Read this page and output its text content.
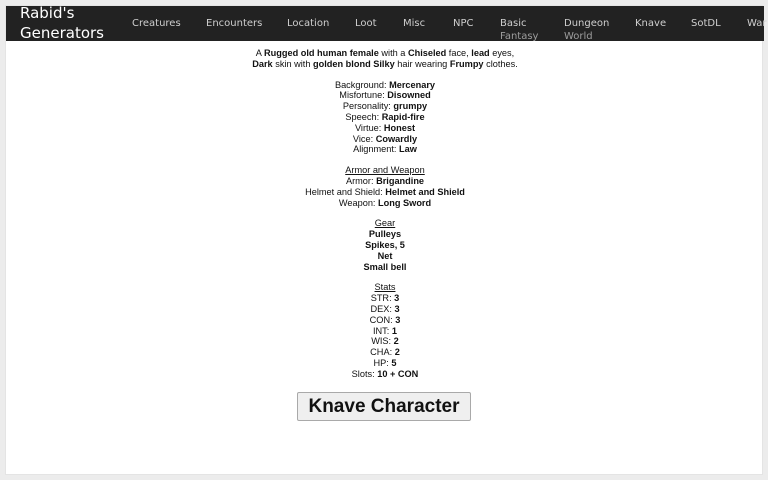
Rabid's Generators
Creatures	Encounters Location	Loot	Misc	NPC	Basic
Fantasy
Dungeon
World
Knave SotDL	War

A Rugged old human female with a Chiseled face, lead eyes,

Dark skin with golden blond Silky hair wearing Frumpy clothes.

Background: Mercenary

Misfortune: Disowned

Personality: grumpy

Speech: Rapid-fire

Virtue: Honest

Vice: Cowardly

Alignment: Law

Armor and Weapon

Armor: Brigandine

Helmet and Shield: Helmet and Shield

Weapon: Long Sword

Gear

Pulleys

Spikes, 5

Net

Small bell

Stats

STR: 3

DEX: 3

CON: 3

INT: 1

WIS: 2

CHA: 2

HP: 5

Slots: 10 + CON

Knave Character
